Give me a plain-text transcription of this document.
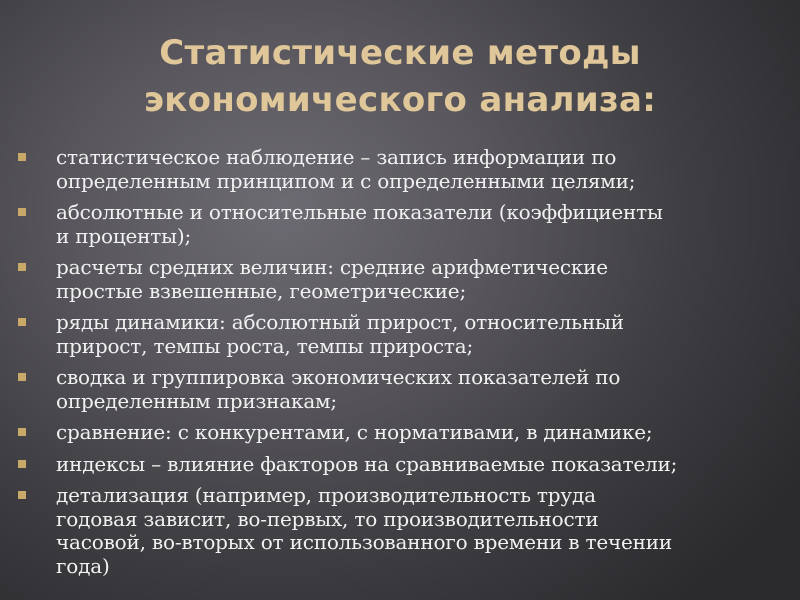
Статистические методы
экономического анализа:
статистическое наблюдение – запись информации по
определенным принципом и с определенными целями;
абсолютные и относительные показатели (коэффициенты
и проценты);
расчеты средних величин: средние арифметические
простые взвешенные, геометрические;
ряды динамики: абсолютный прирост, относительный
прирост, темпы роста, темпы прироста;
сводка и группировка экономических показателей по
определенным признакам;
сравнение: с конкурентами, с нормативами, в динамике;
индексы – влияние факторов на сравниваемые показатели;
детализация (например, производительность труда
годовая зависит, во-первых, то производительности
часовой, во-вторых от использованного времени в течении
года)
